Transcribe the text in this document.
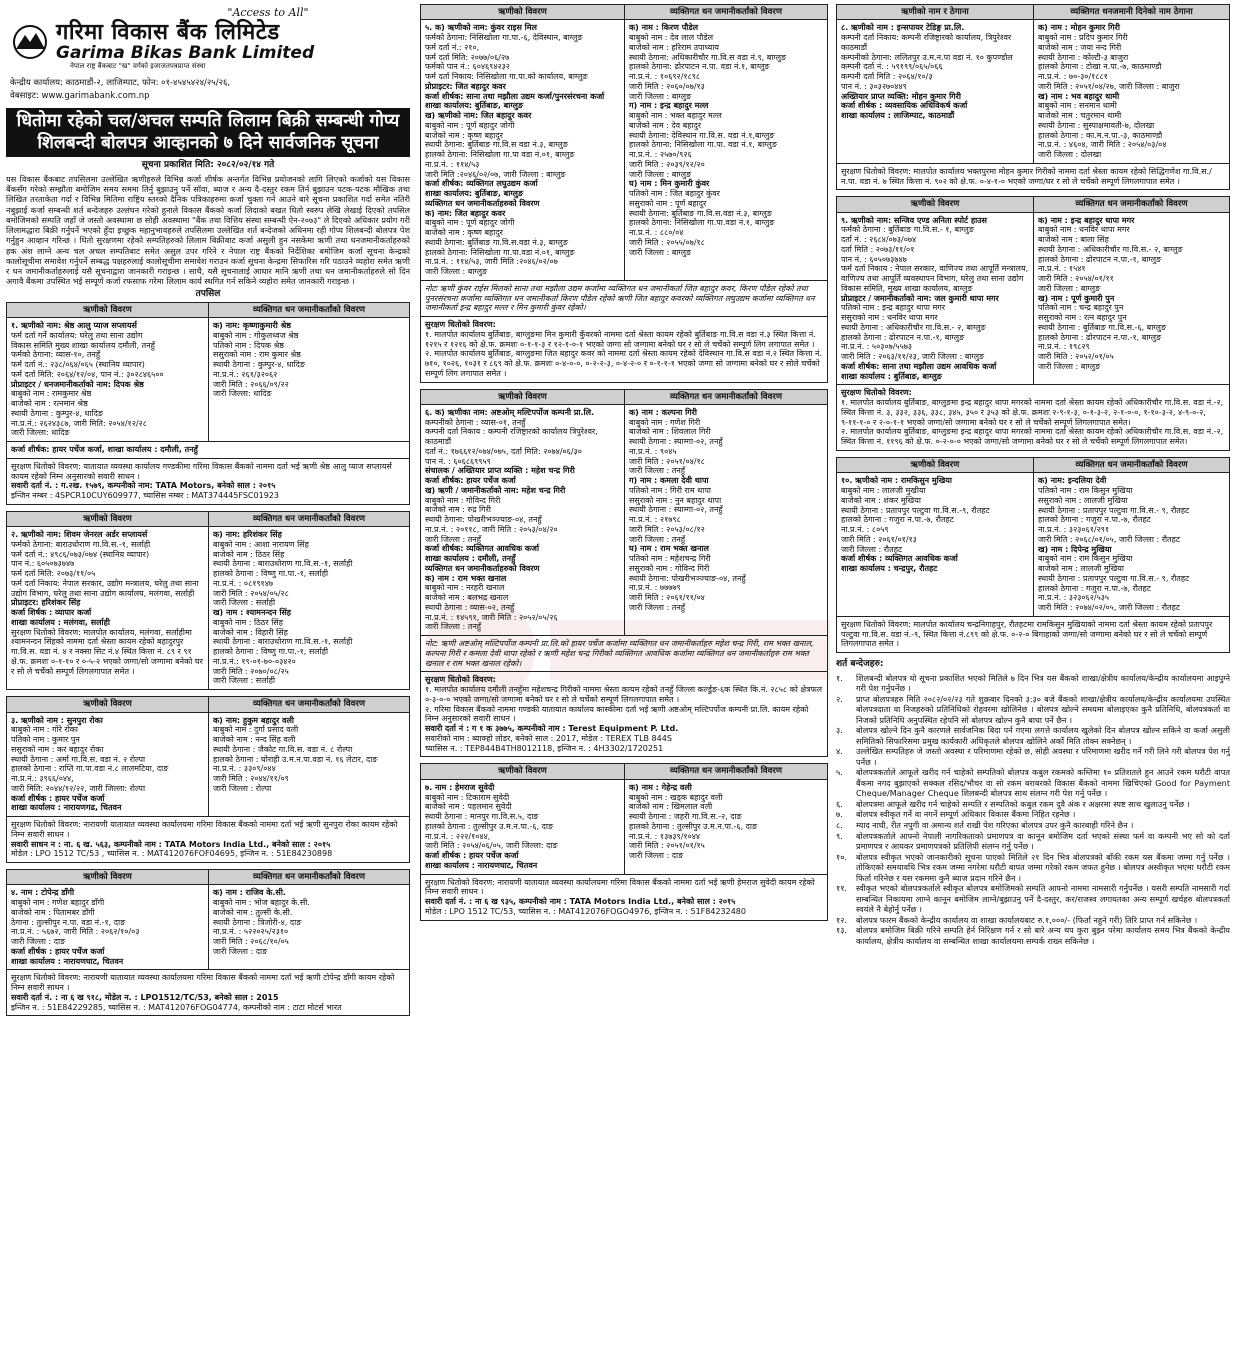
"Access to All"
गरिमा विकास बैंक लिमिटेड
Garima Bikas Bank Limited
नेपाल राष्ट्र बैंकबाट "ख" वर्गको इजाजतपत्रप्राप्त संस्था
केन्द्रीय कार्यालय: काठमाडौं-२, लाजिम्पाट, फोन: ०१-४५४५४२४/२५/२६,
वेबसाइट: www.garimabank.com.np
धितोमा रहेको चल/अचल सम्पति लिलाम बिक्री सम्बन्धी गोप्य शिलबन्दी बोलपत्र आव्हानको ७ दिने सार्वजनिक सूचना
सूचना प्रकाशित मिति: २०८२/०२/१४ गते
यस विकास बैंकबाट तपसिलमा उल्लेखित ऋणीहरुले विभिन्न कर्जा शीर्षक अन्तर्गत विभिन्न प्रयोजनको लागि लिएको कर्जाको यस विकास बैंकसँग गरेको सम्झौता बमोजिम समय सममा तिर्नु बुझाउनु पर्ने सॉवा, ब्याज र अन्य दै-दस्तुर रकम तिर्न बुझाउन पटक-पटक मौखिक तथा लिखित तरताकेता गर्दा र विभिन्न मितिमा राष्ट्रिय स्तरको दैनिक पत्रिकाहरुमा कर्जा चुक्ता गर्न आउने बारे सूचना प्रकाशित गर्दा समेत नतिरी नबुझाई कर्जा सम्बन्धी शर्त बन्देजहरु उल्लंघन गरेको हुनाले विकास बैंकको कर्जा लिदाको बखत धितो स्वरुप लेखि लेखाई दिएको तपसिल बमोजिमको सम्पति जहाँ जे जस्तो अवस्थामा छ सोही अवस्थामा "बैंक तथा वित्तिय संस्था सम्बन्धी ऐन-२०७३" ले दिएको अधिकार प्रयोग गरी लिलामद्धारा बिक्री गर्नुपर्ने भएको हुँदा इच्छुक महानुभावहरुले तपसिलमा उल्लेखित शर्त बन्देजको अधिनमा रही गोप्य शिलबन्दी बोलपत्र पेश गर्नुहुन आव्हान गरिन्छ । धितो सुरक्षणमा रहेको सम्पतिहरुको लिलाम बिक्रीबाट कर्जा असुली हुन नसकेमा ऋणी तथा धनजमानीकर्ताहरुको हक अंश लाग्ने अन्य चल अचल सम्पतिबाट समेत असुल उपर गरिने र नेपाल राष्ट्र बैंकको निर्देशिका बमोजिम कर्जा सूचना केन्द्रको कालोसूचीमा समावेश गर्नुपर्ने सम्बद्ध पक्षहरुलाई कालोसूचीमा समावेश गराउन कर्जा सूचना केन्द्रमा सिफारिस गरि पठाउने व्यहोरा समेत ऋणी र धन जमानीकर्ताहरुलाई यसै सूचनाद्वारा जानकारी गराइन्छ । साथै, यसै सूचनालाई आधार मानि ऋणी तथा धन जमानीकर्ताहरुले सो दिन अगावै बैंकमा उपस्थित भई सम्पूर्ण कर्जा रफसाफ गरेमा लिलाम कार्य स्थगित गर्न सकिने व्यहोरा समेत जानकारी गराइन्छ ।
तपसिल
ऋणीको विवरण	व्यक्तिगत धन जमानीकर्तांको विवरण
१. ऋणीको नाम: श्रेष्ठ आलु प्याज सप्लायर्स
फर्म दर्ता गर्ने कार्यालय: घरेलु तथा साना उद्योग
विकास समिति मुख्य शाखा कार्यालय दमौली, तनहुँ
फर्मको ठेगाना: व्यास-१०, तनहुँ
फर्म दर्ता नं.: २३८/०६४/०६५ (स्थानिय व्यापार)
फर्म दर्ता मिति: २०६४/१२/०४, पान नं.: ३०२८४६५००
प्रोप्राइटर / धनजमानीकर्ताको नाम: दिपक श्रेष्ठ
बाबुको नाम : रामकुमार श्रेष्ठ
बाजेको नाम : रत्नमान श्रेष्ठ
स्थायी ठेगाना : कुम्पुर-४, धादिङ
ना.प्र.नं.: २६२४३८७, जारी मिति: २०५४/१२/२८
जारी जिल्ला: धादिङ
क) नाम: कृष्णाकुमारी श्रेष्ठ
बाबुको नाम : गोकुलध्वज श्रेष्ठ
पतिको नाम : दिपक श्रेष्ठ
ससुराको नाम : राम कुमार श्रेष्ठ
स्थायी ठेगाना : कुम्पुर-४, धादिङ
ना.प्र.नं.: २६१/३२०६२
जारी मिति : २०६६/०९/२२
जारी जिल्ला: धादिङ
कर्जा शीर्षक: हायर पर्चेज कर्जा, शाखा कार्यालय : दमौली, तनहुँ
सुरक्षण धितोको विवरण: यातायात व्यवस्था कार्यालय गण्डकीमा गरिमा विकास बैंकको नाममा दर्ता भई ऋणी श्रेष्ठ आलु प्याज सप्लायर्स कायम रहेको निम्न अनुसारको सवारी साधन ।
सवारी दर्ता नं. : ग.२ख. १५७९, कम्पनीको नाम: TATA Motors, बनेको साल : २०१५
इन्जिन नम्बर : 4SPCR10CUY609977, च्यासिस नम्बर : MAT374445FSC01923
ऋणीको विवरण	व्यक्तिगत धन जमानीकर्तांको विवरण
२. ऋणीको नाम: शिवम जेनरल अर्डर सप्लायर्स
फर्मको ठेगाना: बाराउधोराण गा.वि.स.-१, सर्लाही
फर्म दर्ता नं.: ४९८६/०७३/०७४ (स्थानिय व्यापार)
पान नं.: ६०५०७३७४७
फर्म दर्ता मिति: २०७३/११/०५
फर्म दर्ता निकाय: नेपाल सरकार, उद्योग मन्त्रालय, घरेलु तथा साना उद्योग विभाग, घरेलु तथा साना उद्योग कार्यालय, मलंगवा, सर्लाही
प्रोप्राइटर: हरिशंकर सिंह
कर्जा शिर्षक : व्यापार कर्जा
शाखा कार्यालय : मलंगवा, सर्लाही
सुरक्षण धितोको विवरण: मालपोत कार्यालय, मलंगवा, सर्लाहीमा श्यामनन्दन सिंहको नाममा दर्ता श्रेस्ता कायम रहेको बहादुरपुर गा.वि.स. वडा नं. ४ र नक्सा सिट नं.४ स्थित कित्ता नं. ८९ र ९१ क्षे.फ. क्रमशः ०-१-१० र ०-५-२ भएको जग्गा/सो जग्गामा बनेको घर र सो ले चर्चेको सम्पूर्ण लिगलगापात समेत ।
क) नाम: हरिशंकर सिंह
बाबुको नाम : आशा नारायण सिंह
बाजेको नाम : ठिठर सिंह
स्थायी ठेगाना : बाराउधोराण गा.वि.स.-१, सर्लाही
हालको ठेगाना : विष्णु गा.पा.-१, सर्लाही
ना.प्र.नं. : ०८१९१४७
जारी मिति : २०५४/०५/२८
जारी जिल्ला : सर्लाही
ख) नाम : श्यामनन्दन सिंह
बाबुको नाम : ठिठर सिंह
बाजेको नाम : विहारी सिंह
स्थायी ठेगाना : बाराउधोराण गा.वि.स.-१, सर्लाही
हालको ठेगाना : विष्णु गा.पा.-१, सर्लाही
ना.प्र.नं.: १९-०१-७०-०३४२०
जारी मिति : २०७०/०८/२५
जारी जिल्ला : सर्लाही
ऋणीको विवरण	व्यक्तिगत धन जमानीकर्तांको विवरण
३. ऋणीको नाम : सुनपुरा रोका
बाबुको नाम : गोरे रोका
पतिको नाम : कुमार पुन
ससुराको नाम : कर बहादुर रोका
स्थायी ठेगाना : अर्मा गा.वि.स. वडा नं. २ रोल्पा
हालको ठेगाना : राप्ति गा.पा.वडा नं.८ लालमटिया, दाङ
ना.प्र.नं.: ३९६६/०४४,
जारी मिति: २०४४/१२/२२, जारी जिल्ला: रोल्पा
कर्जा शीर्षक : हायर पर्चेज कर्जा
शाखा कार्यालय : नारायणगढ, चितवन
क) नाम: हुकुम बहादुर वली
बाबुको नाम : दुर्गा प्रसाद वली
बाजेको नाम : नन्द सिंह वली
स्थायी ठेगाना : जैकोट गा.वि.स. वडा नं. ८ रोल्पा
हालको ठेगाना : घोराही उ.म.न.पा.वडा नं. १६ लेटार, दाङ
ना.प्र.नं. : ३३०९/०४४
जारी मिति : २०४४/११/०९
जारी जिल्ला : रोल्पा
सुरक्षण धितोको विवरण: नारायणी यातायात व्यवस्था कार्यालयमा गरिमा विकास बैंकको नाममा दर्ता भई ऋणी सुनपुरा रोका कायम रहेको निम्न सवारी साधन ।
सवारी साधन न : ना. ६ ख. ५६३, कम्पनीको नाम : TATA Motors India Ltd., बनेको साल : २०१५
मोडेल : LPO 1512 TC/53 , च्यासिस न. : MAT412076FOF04695, इन्जिन न. : 51E84230898
ऋणीको विवरण	व्यक्तिगत धन जमानीकर्तांको विवरण
४. नाम : टोपेन्द्र डाँगी
बाबुको नाम : गणेश बहादुर डाँगी
बाजेको नाम : पितामबर डाँगी
ठेगाना : तुल्सीपुर न.पा. वडा नं.-१, दाङ
ना.प्र.नं. : ५६७२, जारी मिति : २०६२/१०/०३
जारी जिल्ला : दाङ
कर्जा शीर्षक : हायर पर्चेज कर्जा
शाखा कार्यालय : नारायणघाट, चितवन
क) नाम : राजिव के.सी.
बाबुको नाम : भोज बहादुर के.सी.
बाजेको नाम : तुल्सी के.सी.
स्थायी ठेगाना : त्रिजोरी-४, दाङ
ना.प्र.नं. : ५२२०२५/२३१०
जारी मिति : २०६८/१०/०५
जारी जिल्ला : दाङ
सुरक्षण धितोको विवरण: नारायणी यातायात व्यवस्था कार्यालयमा गरिमा विकास बैंकको नाममा दर्ता भई ऋणी टोपेन्द्र डाँगी कायम रहेको निम्न सवारी साधन ।
सवारी दर्ता नं. : ना ६ ख ९१८, मोडेल न. : LPO1512/TC/53, बनेको साल : 2015
इन्जिन न. : 51E84229285, च्यासिस न. : MAT412076FOG04774, कम्पनीको नाम : टाटा मोटर्स भारत
ऋणीको विवरण	व्यक्तिगत धन जमानीकर्तांको विवरण
५. क) ऋणीको नाम: कुंवर राइस मिल
फर्मको ठेगाना: निसिखोला गा.पा.-६, देविस्थान, बाग्लुङ
फर्म दर्ता नं.: २१०,
फर्म दर्ता मिति: २०७७/०६/२७
फर्मको पान नं.: ६०४६९४२३२
फर्म दर्ता निकाय: निसिखोला गा.पा.को कार्यालय, बाग्लुङ
प्रोप्राइटर: जित बहादुर कवर
कर्जा शीर्षक: साना तथा मझौला उद्यम कर्जा/पुनरसंरचना कर्जा
शाखा कार्यालय: बुर्तिबाङ, बाग्लुङ
ख) ऋणीको नाम: जित बहादुर कवर
बाबुको नाम : पूर्ण बहादुर जोगी
बाजेको नाम : कृष्ण बहादुर
स्थायी ठेगाना: बुर्तिबाङ गा.वि.स वडा नं.३, बाग्लुङ
हालको ठेगाना: निसिखोला गा.पा वडा नं.०१, बाग्लुङ
ना.प्र.नं. : ११४/५३
जारी मिति :२०४६/०२/०७, जारी जिल्ला : बाग्लुङ
कर्जा शीर्षक: व्यक्तिगत लघुउद्यम कर्जा
शाखा कार्यालय: बुर्तिबाङ, बाग्लुङ
व्यक्तिगत धन जमानीकर्ताहरुको विवरण
क) नाम: जित बहादुर कवर
बाबुको नाम : पूर्ण बहादुर जोगी
बाजेको नाम : कृष्ण बहादुर
स्थायी ठेगाना: बुर्तिबाङ गा.वि.स.वडा नं.३, बाग्लुङ
हालको ठेगाना: निसिखोला गा.पा.वडा नं.०१, बाग्लुङ
ना.प्र.नं. : ११४/५३, जारी मिति :२०४६/०२/०७
जारी जिल्ला : बाग्लुङ
क) नाम : किरण पौडेल
बाबुको नाम : देव लाल पौडेल
बाजेको नाम : हरिराम उपाध्याय
स्थायी ठेगाना: अधिकारीचौर गा.वि.स वडा नं.९, बाग्लुङ
हालको ठेगाना: ढोरपाटन न.पा. वडा नं.१, बाग्लुङ
ना.प्र.नं. : १०६९२/१८९८
जारी मिति : २०६०/०७/१३
जारी जिल्ला : बाग्लुङ
ग) नाम : इन्द्र बहादुर मल्ल
बाबुको नाम : भक्त बहादुर मल्ल
बाजेको नाम : देव बहादुर
स्थायी ठेगाना: देविस्थान गा.वि.स. वडा नं.१,बाग्लुङ
हालको ठेगाना: निसिखोला गा.पा. वडा नं.१, बाग्लुङ
ना.प्र.नं. : २५७०/९२६
जारी मिति : २०३९/१२/२०
जारी जिल्ला : बाग्लुङ
घ) नाम : मिन कुमारी कुंवर
पतिको नाम : जित बहादुर कुंवर
ससुराको नाम : पूर्ण बहादुर
स्थायी ठेगाना: बुर्तिबाङ गा.वि.स.वडा नं.३, बाग्लुङ
हालको ठेगाना: निसिखोला गा.पा.वडा नं.१, बाग्लुङ
ना.प्र.नं. : ८८०/०४
जारी मिति : २०५५/०७/१८
जारी जिल्ला : बाग्लुङ
नोटः ऋणी कुंवर राईस मिलको साना तथा मझौला उद्यम कर्जामा व्यक्तिगत धन जमानीकर्ता जित बहादुर कवर, किरण पौडेल रहेको तथा पुनरसंरचना कर्जामा व्यक्तिगत धन जमानीकर्ता किरण पौडेल रहेको ऋणी जित बहादुर कवरको व्यक्तिगत लघुउद्यम कर्जामा व्यक्तिगत धन जमानीकर्ता इन्द्र बहादुर मल्ल र मिन कुमारी कुंवर रहेको।
सुरक्षण धितोको विवरण:
१. मालपोत कार्यालय बुर्तिबाङ, बाग्लुङमा मिन कुमारी कुँवरको नाममा दर्ता श्रेस्ता कायम रहेको बुर्तिबाङ गा.वि.स वडा नं.३ स्थित कित्ता नं. १२१५ र १२१६ को क्षे.फ. क्रमशः ०-१-१-३ र १२-१-०-१ भएको जग्गा सो जग्गामा बनेको घर र सो ले चर्चेको सम्पूर्ण लिग लगापात समेत ।
२. मालपोत कार्यालय बुर्तिबाङ, बाग्लुङमा जित बहादुर कवर को नाममा दर्ता श्रेस्ता कायम रहेको देविस्थान गा.वि.स वडा नं.२ स्थित कित्ता नं. ७१०, १०२६, १०३१ र ८६९ को क्षे.फ. क्रमशः ०-४-०-०, ०-२-२-३, ०-४-२-० र ०-१-१-१ भएको जग्गा सो जग्गामा बनेको घर र सोले चर्चेको सम्पूर्ण लिग लगापात समेत ।
ऋणीको विवरण	व्यक्तिगत धन जमानीकर्तांको विवरण
६. क) ऋणीका नाम: अष्टओम् मल्टिपर्पोज कम्पनी प्रा.लि.
कम्पनीको ठेगाना : व्यास-०१, तनहुँ
कम्पनी दर्ता निकाय : कम्पनी रजिष्ट्रारको कार्यालय त्रिपुरेश्वर, काठमाडौं
दर्ता नं.: १७६६१२/०७४/०७५, दर्ता मिति: २०७४/०६/३०
पान नं. : ६०६८६९९५९
संचालक / अख्तियार प्राप्त व्यक्ति : महेश चन्द्र गिरी
कर्जा शीर्षक: हायर पर्चेज कर्जा
ख) ऋणी / जमानीकर्ताको नाम: महेश चन्द्र गिरी
बाबुको नाम : गोविन्द गिरी
बाजेको नाम : रुद्र गिरी
स्थायी ठेगाना: पोखरीभञ्ज्याङ-०४, तनहुँ
ना.प्र.नं. : २०११८, जारी मिति : २०५३/०४/२०
जारी जिल्ला : तनहुँ
कर्जा शीर्षक: व्यक्तिगत आवधिक कर्जा
शाखा कार्यालय : दमौली, तनहुँ
व्यक्तिगत धन जमानीकर्ताहरुको विवरण
क) नाम : राम भक्त खनाल
बाबुको नाम : नरहरी खनाल
बाजेको नाम : बलभद्र खनाल
स्थायी ठेगाना : व्यास-०२, तनहुँ
ना.प्र.नं. : १४५९१, जारी मिति : २०५२/०५/२६
जारी जिल्ला : तनहुँ
क) नाम : कल्पना गिरी
बाबुको नाम : गणेश गिरी
बाजेको नाम : शिवलाल गिरी
स्थायी ठेगाना : स्याम्गा-०२, तनहुँ
ना.प्र.नं. : ९०४५
जारी मिति : २०५१/०४/१८
जारी जिल्ला : तनहुँ
ग) नाम : कमला देवी थापा
पतिको नाम : गिरी राम थापा
ससुराको नाम : नुन बहादुर थापा
स्थायी ठेगाना : स्याम्गा-०२, तनहुँ
ना.प्र.नं. : २१७९८
जारी मिति : २०५३/०८/१२
जारी जिल्ला : तनहुँ
घ) नाम : राम भक्त खनाल
पतिको नाम : महेशचन्द्र गिरी
ससुराको नाम : गोविन्द गिरी
स्थायी ठेगाना: पोखरीभञ्ज्याङ-०४, तनहुँ
ना.प्र.नं. : ७७७७९
जारी मिति : २०६१/११/०४
जारी जिल्ला : तनहुँ
नोट: ऋणी अष्टओम् मल्टिपर्पोज कम्पनी प्रा.लि.को हायर पर्चेज कर्जामा व्यक्तिगत धन जमानीकर्ताहरु महेश चन्द्र गिरी, राम भक्त खनाल, कल्पना गिरी र कमला देवी थापा रहेको र ऋणी महेश चन्द्र गिरीको व्यक्तिगत आवधिक कर्जामा व्यक्तिगत धन जमानीकर्ताहरु राम भक्त खनाल र राम भक्त खनाल रहेको।
सुरक्षण धितोको विवरण:
१. मालपोत कार्यालय दमौली तनहुँमा महेशचन्द्र गिरीको नाममा श्रेस्ता कायम रहेको तनहुँ जिल्ला कर्ल्डुङ-६क स्थित कि.नं. २८५८ को क्षेत्रफल ०-३-०-० भएको जग्गा/सो जग्गामा बनेको घर र सो ले चर्चेको सम्पूर्ण लिगलगापात समेत ।
२. गरिमा विकास बैंकको नाममा गण्डकी यातायात कार्यालय कास्कीमा दर्ता भई ऋणी अष्टओम् मल्टिपर्पोज कम्पनी प्रा.लि. कायम रहेको निम्न अनुसारको सवारी साधन ।
सवारी दर्ता नं : ग १ क ३७७५, कम्पनीको नाम : Terest Equipment P. Ltd.
सवारीको नाम : ब्याक्हो लोडर, बनेको साल : 2017, मोडेल : TEREX TLB 844S
च्यासिस न. : TEP844B4TH8012118, इन्जिन न. : 4H3302/1720251
ऋणीको विवरण	व्यक्तिगत धन जमानीकर्तांको विवरण
७. नाम : हेमराज सुवेदी
बाबुको नाम : टिकाराम सुवेदी
बाजेको नाम : पहलमान सुवेदी
स्थायी ठेगाना : मानपुर गा.वि.स.५, दाङ
हालको ठेगाना : तुल्सीपुर उ.म.न.पा.-६, दाङ
ना.प्र.नं. : २२२/१०४४,
जारी मिति : २०५४/०६/०५, जारी जिल्ला: दाङ
कर्जा शीर्षक : हायर पर्चेज कर्जा
शाखा कार्यालय : नारायणघाट, चितवन
क) नाम : गेहेन्द्र वली
बाबुको नाम : खड्क बहादुर वली
बाजेको नाम : खिमलाल वली
स्थायी ठेगाना : जहरी गा.वि.स.-२, दाङ
हालको ठेगाना : तुल्सीपुर उ.म.न.पा.-६, दाङ
ना.प्र.नं. : १३७३९/१०४४
जारी मिति : २०५१/०१/१५
जारी जिल्ला : दाङ
सुरक्षण धितोको विवरण: नारायणी यातायात व्यवस्था कार्यालयमा गरिमा विकास बैंकको नाममा दर्ता भई ऋणी हेमराज सुवेदी कायम रहेको निम्न सवारी साधन ।
सवारी दर्ता नं. : ना ६ ख ९३५, कम्पनीको नाम : TATA Motors India Ltd., बनेको साल : २०१५
मोडेल : LPO 1512 TC/53, च्यासिस न. : MAT412076FOGO4976, इन्जिन न. : 51F84232480
ऋणीको नाम र ठेगाना	व्यक्तिगत धनजमानी दिनेको नाम ठेगाना
८. ऋणीको नाम : इन्सपायर टेडिङ्ग प्रा.लि.
कम्पनी दर्ता निकाय: कम्पनी रजिष्ट्रारको कार्यालय, त्रिपुरेश्वर काठमाडौं
कम्पनीको ठेगाना: ललितपुर उ.म.न.पा वडा नं. १० कुपण्डोल
कम्पनी दर्ता नं. : ५९१९९/०६५/०६६
कम्पनी दर्ता मिति : २०६४/१०/३
पान नं. : ३०३२७०४४९
अख्तियार प्राप्त व्यक्ति: मोहन कुमार गिरी
कर्जा शीर्षक : व्यवसायिक अधिविकर्ष कर्जा
शाखा कार्यालय : लाजिम्पाट, काठमाडौं
क) नाम : मोहन कुमार गिरी
बाबुको नाम : प्रदिप कुमार गिरी
बाजेको नाम : जया नन्द गिरी
स्थायी ठेगाना : कोल्टी-३ बाजुरा
हालको ठेगाना : टोखा न.पा.-७, काठमाण्डौ
ना.प्र.नं. : ७०-३०/१८८१
जारी मिति : २०५१/०४/२७, जारी जिल्ला : बाजुरा
ख) नाम : भव बहादुर थामी
बाबुको नाम : सनमान थामी
बाजेको नाम : चतुरमान थामी
स्थायी ठेगाना : सुस्पाक्षमावती-७, दोलखा
हालको ठेगाना : का.म.न.पा.-३, काठमाण्डौ
ना.प्र.नं. : ४६०४, जारी मिति : २०५४/०३/०४
जारी जिल्ला : दोलखा
सुरक्षण धितोको विवरण: मालपोत कार्यालय भक्तपुरमा मोहन कुमार गिरीको नाममा दर्ता श्रेस्ता कायम रहेको सिद्धिगणेश गा.वि.स./न.पा. वडा नं. ७ स्थित कित्ता नं. ९०२ को क्षे.फ. ०-४-१-० भएको जग्गा/घर र सो ले चर्चेको सम्पूर्ण लिगलगापात समेत ।
ऋणीको विवरण	व्यक्तिगत धन जमानीकर्तांको विवरण
९. ऋणीको नाम: सन्जिव एण्ड अनिता स्पोर्ट हाउस
फर्मको ठेगाना : बुर्तिबाङ गा.वि.स.- १, बाग्लुङ
दर्ता नं. : २६८४/०७३/०७४
दर्ता मिति : २०७३/११/०१
पान नं. : ६०५०७३७४७
फर्म दर्ता निकाय : नेपाल सरकार, वाणिज्य तथा आपूर्ति मन्त्रालय, वाणिज्य तथा आपूर्ति व्यवस्थापन विभाग, घरेलु तथा साना उद्योग विकास समिति, मुख्य शाखा कार्यालय, बाग्लुङ
प्रोप्राइटर / जमानीकर्ताको नाम: जल कुमारी थापा मगर
पतिको नाम : इन्द्र बहादुर थापा मगर
ससुराको नाम : धनविर थापा मगर
स्थायी ठेगाना : अधिकारीचौर गा.वि.स.- २, बाग्लुङ
हालको ठेगाना : ढोरपाटन न.पा.-१, बाग्लुङ
ना.प्र.नं. : ५०३०७/५५७३
जारी मिति : २०६३/११/२३, जारी जिल्ला : बाग्लुङ
कर्जा शीर्षक: साना तथा मझौला उद्यम आवधिक कर्जा
शाखा कार्यालय : बुर्तिबाङ, बाग्लुङ
क) नाम : इन्द्र बहादुर थापा मगर
बाबुको नाम : धनविर थापा मगर
बाजेको नाम : बाला सिंह
स्थायी ठेगाना : अधिकारीचौर गा.वि.स.- २, बाग्लुङ
हालको ठेगाना : ढोरपाटन न.पा.-१, बाग्लुङ
ना.प्र.नं. : १५४१
जारी मिति : २०५४/०१/११
जारी जिल्ला : बाग्लुङ
ख) नाम : पूर्ण कुमारी पुन
पतिको नाम : चन्द्र बहादुर पुन
ससुराको नाम : रत्न बहादुर पुन
स्थायी ठेगाना : बुर्तिबाङ गा.वि.स.-६, बाग्लुङ
हालको ठेगाना : ढोरपाटन न.पा.-१, बाग्लुङ
ना.प्र.नं. : १९८२९
जारी मिति : २०५२/०१/०५
जारी जिल्ला : बाग्लुङ
सुरक्षण धितोको विवरण:
१. मालपोत कार्यालय बुर्तिबाङ, बाग्लुङमा इन्द्र बहादुर थापा मगरको नाममा दर्ता श्रेस्ता कायम रहेको अधिकारीचौर गा.वि.स. वडा नं.-२, स्थित कित्ता नं. ३, ३३२, ३३६, ३३८, ३४५, ३५० र ३५३ को क्षे.फ. क्रमशः २-९-१-३, ०-१-३-२, २-१-०-०, १-१०-३-२, ४-९-०-२, ९-११-१-० र २-०-१-१ भएको जग्गा/सो जग्गामा बनेको घर र सो ले चर्चेको सम्पूर्ण लिगलगापात समेत।
२. मालपोत कार्यालय बुर्तिबाङ, बाग्लुङमा इन्द्र बहादुर थापा मगरको नाममा दर्ता श्रेस्ता कायम रहेको अधिकारीचौर गा.वि.स. वडा नं.-२, स्थित कित्ता नं. ११९६ को क्षे.फ. ०-२-०-० भएको जग्गा/सो जग्गामा बनेको घर र सो ले चर्चेको सम्पूर्ण लिगलगापात समेत।
ऋणीको विवरण	व्यक्तिगत धन जमानीकर्तांको विवरण
१०. ऋणीको नाम : रामकिसुन मुखिया
बाबुको नाम : लालजी मुखीया
बाजेको नाम : शंकर मुखिया
स्थायी ठेगाना : प्रतापपुर पल्टुवा गा.वि.स.-९, रौतहट
हालको ठेगाना : गजुरा न.पा.-७, रौतहट
ना.प्र.नं. : ८०५९
जारी मिति : २०६१/०१/१३
जारी जिल्ला : रौतहट
कर्जा शीर्षक : व्यक्तिगत आवधिक कर्जा
शाखा कार्यालय : चन्द्रपुर, रौतहट
क) नाम: इन्दलिया देवी
पतिको नाम : राम किसुन मुखिया
ससुराको नाम : लालजी मुखिया
स्थायी ठेगाना : प्रतापपुर पल्टुवा गा.वि.स.- ९, रौतहट
हालको ठेगाना : गजुरा न.पा.-७, रौतहट
ना.प्र.नं. : ३२३०६१/२९१
जारी मिति : २०६८/०१/०५, जारी जिल्ला : रौतहट
ख) नाम : दिपेन्द्र मुखिया
बाबुको नाम : राम किसुन मुखिया
बाजेको नाम : लालजी मुखिया
स्थायी ठेगाना : प्रतापपुर पल्टुवा गा.वि.स.- ९, रौतहट
हालको ठेगाना : गजुरा न.पा.-७, रौतहट
ना.प्र.नं. : ३२३०६२/५३५
जारी मिति : २०७४/०२/०५, जारी जिल्ला : रौतहट
सुरक्षण धितोको विवरण: मालपोत कार्यालय चन्द्रनिगाहपुर, रौतहटमा रामकिसुन मुखियाको नाममा दर्ता श्रेस्ता कायम रहेको प्रतापपुर पल्टुवा गा.वि.स. वडा नं.-९, स्थित कित्ता नं.८९९ को क्षे.फ. ०-२-० बिगाहाको जग्गा/सो जग्गामा बनेको घर र सो ले चर्चेको सम्पूर्ण लिगलगापात समेत ।
शर्त बन्देजहरु:
१.	शिलबन्दी बोलपत्र यो सूचना प्रकाशित भएको मितिले ७ दिन भित्र यस बैंकको शाखा/क्षेत्रीय कार्यालय/केन्द्रीय कार्यालयमा आइपुग्ने गरी पेश गर्नुपर्नेछ ।
२.	प्राप्त बोलपत्रहरु मिति २०८२/०२/२३ गते शुक्रबार दिनको ३:३० बजे बैंकको शाखा/क्षेत्रीय कार्यालय/केन्द्रीय कार्यालयमा उपस्थित बोलपत्रदाता वा निजहरुको प्रतिनिधिको रोहवरमा खोलिनेछ । बोलपत्र खोल्ने समयमा बोलाइएका कुनै प्रतिनिधि, बोलपत्रकर्ता वा निजको प्रतिनिधि अनुपस्थित रहेपनि सो बोलपत्र खोल्न कुनै बाधा पर्ने छैन ।
३.	बोलपत्र खोल्ने दिन कुनै कारणले सार्वजनिक बिदा पर्न गएमा लगत्ते कार्यालय खुलेको दिन बोलपत्र खोल्न सकिने वा कर्जा असुली समितिको सिफारिसमा प्रमुख कार्यकारी अधिकृतले बोलपत्र खोलिने अर्को मिति तोक्न सक्नेछन् ।
४.	उल्लेखित सम्पतिहरु जे जस्तो अवस्था र परिमाणमा रहेको छ, सोही अवस्था र परिमाणमा खरीद गर्ने गरी लिने गरी बोलपत्र पेश गर्नु पर्नेछ ।
५.	बोलपत्रकर्ताले आफूले खरीद गर्न चाहेको सम्पतिको बोलपत्र कबुल रकमको कम्तिमा १० प्रतिशतले हुन आउने रकम धरौटी वापत बैंकमा नगद बुझाएको सक्कल रसिद/भौचर वा सो रकम बराबरको विकास बैंकको नाममा खिचिएको Good for Payment Cheque/Manager Cheque शिलबन्दी बोलपत्र साथ संलग्न गरी पेश गर्नु पर्नेछ ।
६.	बोलपत्रमा आफूले खरीद गर्न चाहेको सम्पति र सम्पतिको कबुल रकम दुवै अंक र अक्षरमा स्पष्ट साथ खुलाउनु पर्नेछ ।
७.	बोलपत्र स्वीकृत गर्ने वा नगर्ने सम्पूर्ण अधिकार विकास बैंकमा निहित रहनेछ ।
८.	म्याद नाघी, रीत नपुगी वा अमान्य शर्त राखी पेश गरिएका बोलपत्र उपर कुनै कारबाही गरिने छैन ।
९.	बोलपत्रकर्ताले आफ्नो नेपाली नागरिकताको प्रमाणपत्र वा कानून बमोजिम दर्ता भएको संस्था फर्म वा कम्पनी भए सो को दर्ता प्रमाणपत्र र आयकर प्रमाणपत्रको प्रतिलिपी संलग्न गर्नु पर्नेछ ।
१०.	बोलपत्र स्वीकृत भएको जानकारीको सूचना पाएको मितिले २१ दिन भित्र बोलपत्रको बाँकी रकम यस बैंकमा जम्मा गर्नु पर्नेछ । तोकिएको समयावधि भित्र रकम जम्मा नगरेमा धरौटी बापत जम्मा गरेको रकम जफत हुनेछ । बोलपत्र अस्वीकृत भएमा धरौटी रकम फिर्ता गरिनेछ र यस रकममा कुनै ब्याज प्रदान गरिने छैन ।
११.	स्वीकृत भएको बोलपत्रकर्ताले स्वीकृत बोलपत्र बमोजिमको सम्पति आफ्नो नाममा नामसारी गर्नुपर्नेछ । यसरी सम्पति नामसारी गर्दा सम्बन्धित निकायमा लाग्ने कानून बमोजिम लाग्ने/बुझाउनु पर्ने दै-दस्तुर, कर/राजस्व लगायतका अन्य सम्पूर्ण खर्चहरु बोलपत्रकर्ता स्वयंले नै बेहोर्नु पर्नेछ ।
१२.	बोलपत्र फारम बैंकको केन्द्रीय कार्यालय वा शाखा कार्यालयबाट रु.१,०००/- (फिर्ता नहुने गरी) तिरि प्राप्त गर्न सकिनेछ ।
१३.	बोलपत्र बमोजिम बिक्री गरिने सम्पति हेर्न निरिक्षण गर्न र सो बारे अन्य थप कुरा बुझ्न परेमा कार्यालय समय भित्र बैंकको केन्द्रीय कार्यालय, क्षेत्रीय कार्यालय वा सम्बन्धित शाखा कार्यालयमा सम्पर्क राख्न सकिनेछ ।
